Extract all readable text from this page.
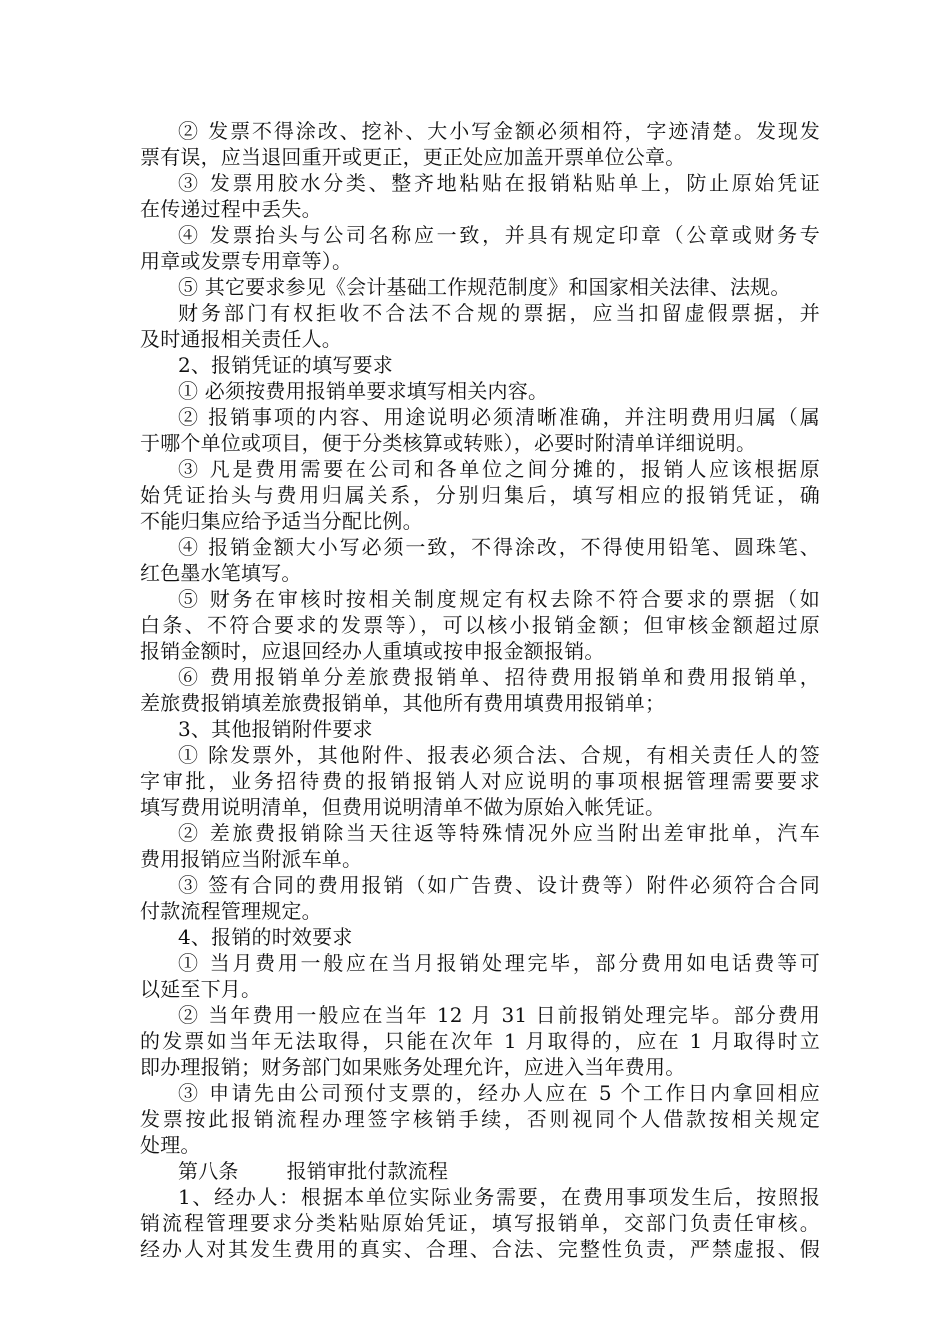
② 发票不得涂改、挖补、大小写金额必须相符，字迹清楚。发现发
票有误，应当退回重开或更正，更正处应加盖开票单位公章。
③ 发票用胶水分类、整齐地粘贴在报销粘贴单上，防止原始凭证
在传递过程中丢失。
④ 发票抬头与公司名称应一致，并具有规定印章（公章或财务专
用章或发票专用章等）。
⑤ 其它要求参见《会计基础工作规范制度》和国家相关法律、法规。
财务部门有权拒收不合法不合规的票据，应当扣留虚假票据，并
及时通报相关责任人。
2、报销凭证的填写要求
① 必须按费用报销单要求填写相关内容。
② 报销事项的内容、用途说明必须清晰准确，并注明费用归属（属
于哪个单位或项目，便于分类核算或转账），必要时附清单详细说明。
③ 凡是费用需要在公司和各单位之间分摊的，报销人应该根据原
始凭证抬头与费用归属关系，分别归集后，填写相应的报销凭证，确
不能归集应给予适当分配比例。
④ 报销金额大小写必须一致，不得涂改，不得使用铅笔、圆珠笔、
红色墨水笔填写。
⑤ 财务在审核时按相关制度规定有权去除不符合要求的票据（如
白条、不符合要求的发票等），可以核小报销金额；但审核金额超过原
报销金额时，应退回经办人重填或按申报金额报销。
⑥ 费用报销单分差旅费报销单、招待费用报销单和费用报销单，
差旅费报销填差旅费报销单，其他所有费用填费用报销单；
3、其他报销附件要求
① 除发票外，其他附件、报表必须合法、合规，有相关责任人的签
字审批，业务招待费的报销报销人对应说明的事项根据管理需要要求
填写费用说明清单，但费用说明清单不做为原始入帐凭证。
② 差旅费报销除当天往返等特殊情况外应当附出差审批单，汽车
费用报销应当附派车单。
③ 签有合同的费用报销（如广告费、设计费等）附件必须符合合同
付款流程管理规定。
4、报销的时效要求
① 当月费用一般应在当月报销处理完毕，部分费用如电话费等可
以延至下月。
② 当年费用一般应在当年 12 月 31 日前报销处理完毕。部分费用
的发票如当年无法取得，只能在次年 1 月取得的，应在 1 月取得时立
即办理报销；财务部门如果账务处理允许，应进入当年费用。
③ 申请先由公司预付支票的，经办人应在 5 个工作日内拿回相应
发票按此报销流程办理签字核销手续，否则视同个人借款按相关规定
处理。
第八条 报销审批付款流程
1、经办人：根据本单位实际业务需要，在费用事项发生后，按照报
销流程管理要求分类粘贴原始凭证，填写报销单，交部门负责任审核。
经办人对其发生费用的真实、合理、合法、完整性负责，严禁虚报、假
